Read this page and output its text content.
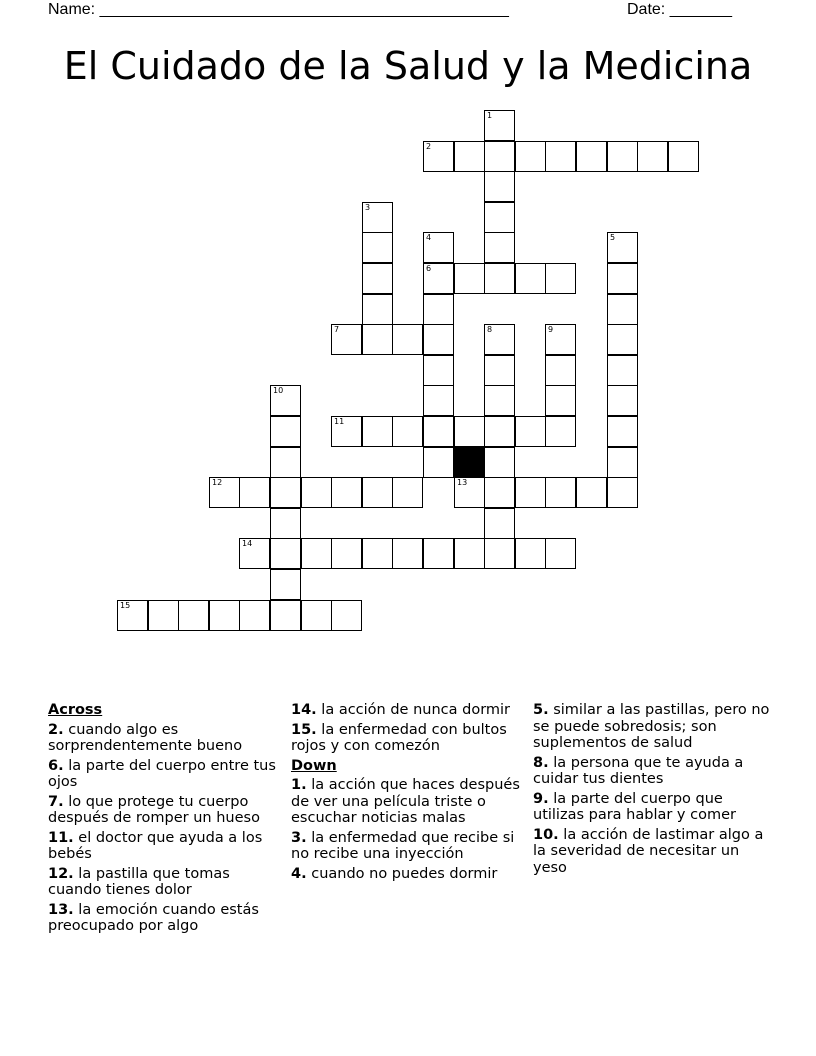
Name: ______________________________________________	Date: _______
El Cuidado de la Salud y la Medicina
1
2
3
4	5
6
7	8	9
10
11
12	13
14
15
Across
2. cuando algo es sorprendentemente bueno
6. la parte del cuerpo entre tus ojos
7. lo que protege tu cuerpo después de romper un hueso
11. el doctor que ayuda a los bebés
12. la pastilla que tomas cuando tienes dolor
13. la emoción cuando estás preocupado por algo
14. la acción de nunca dormir
15. la enfermedad con bultos rojos y con comezón
Down
1. la acción que haces después de ver una película triste o escuchar noticias malas
3. la enfermedad que recibe si no recibe una inyección
4. cuando no puedes dormir
5. similar a las pastillas, pero no se puede sobredosis; son suplementos de salud
8. la persona que te ayuda a cuidar tus dientes
9. la parte del cuerpo que utilizas para hablar y comer
10. la acción de lastimar algo a la severidad de necesitar un yeso
